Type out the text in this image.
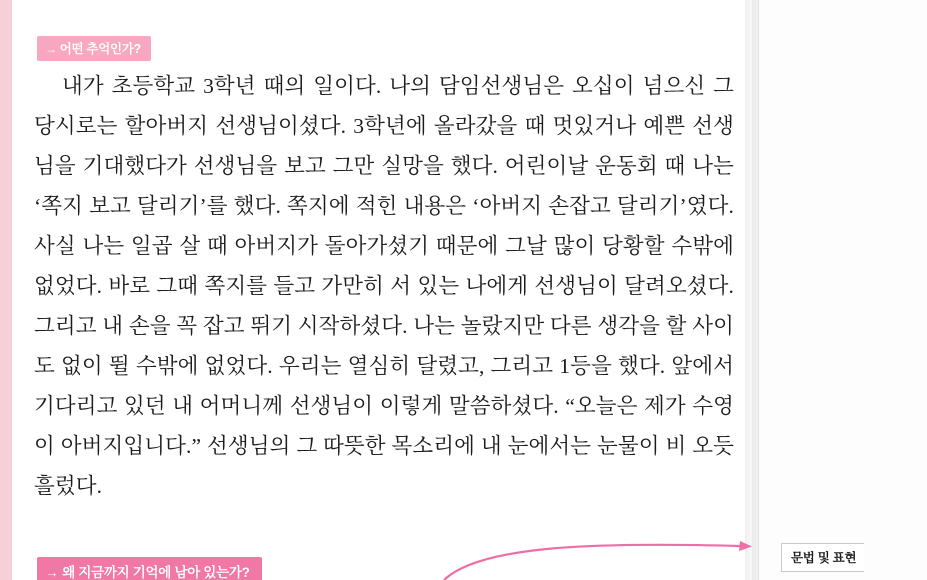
→ 어떤 추억인가?
내가 초등학교 3학년 때의 일이다. 나의 담임선생님은 오십이 넘으신 그 당시로는 할아버지 선생님이셨다. 3학년에 올라갔을 때 멋있거나 예쁜 선생님을 기대했다가 선생님을 보고 그만 실망을 했다. 어린이날 운동회 때 나는 ‘쪽지 보고 달리기’를 했다. 쪽지에 적힌 내용은 ‘아버지 손잡고 달리기’였다. 사실 나는 일곱 살 때 아버지가 돌아가셨기 때문에 그날 많이 당황할 수밖에 없었다. 바로 그때 쪽지를 들고 가만히 서 있는 나에게 선생님이 달려오셨다. 그리고 내 손을 꼭 잡고 뛰기 시작하셨다. 나는 놀랐지만 다른 생각을 할 사이도 없이 뛸 수밖에 없었다. 우리는 열심히 달렸고, 그리고 1등을 했다. 앞에서 기다리고 있던 내 어머니께 선생님이 이렇게 말씀하셨다. “오늘은 제가 수영이 아버지입니다.” 선생님의 그 따뜻한 목소리에 내 눈에서는 눈물이 비 오듯 흘렀다.
→ 왜 지금까지 기억에 남아 있는가?
문법 및 표현
